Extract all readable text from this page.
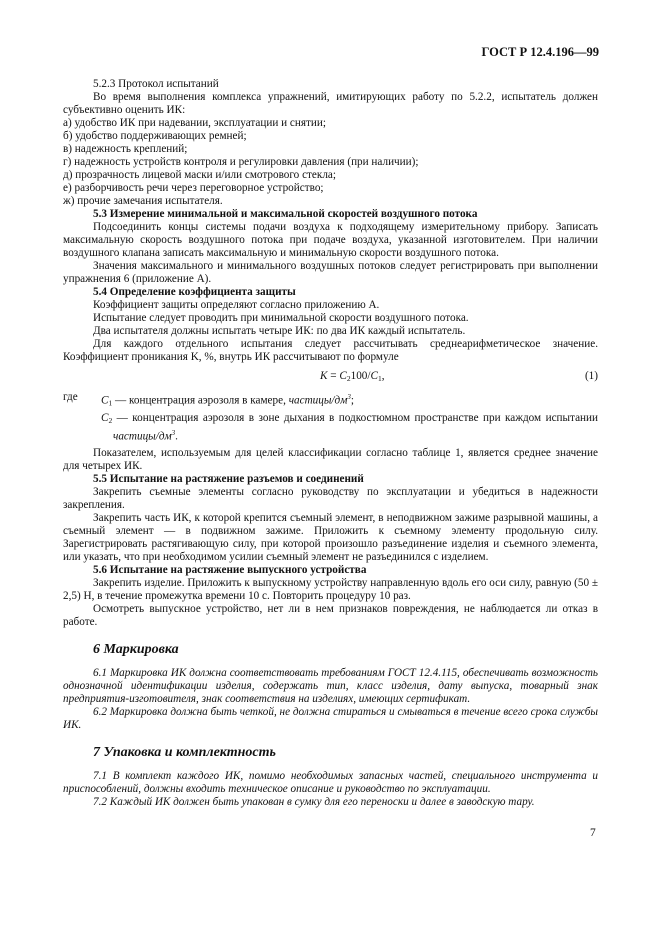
ГОСТ Р 12.4.196—99

5.2.3 Протокол испытаний

Во время выполнения комплекса упражнений, имитирующих работу по 5.2.2, испытатель должен субъективно оценить ИК:

а) удобство ИК при надевании, эксплуатации и снятии;

б) удобство поддерживающих ремней;

в) надежность креплений;

г) надежность устройств контроля и регулировки давления (при наличии);

д) прозрачность лицевой маски и/или смотрового стекла;

е) разборчивость речи через переговорное устройство;

ж) прочие замечания испытателя.

5.3 Измерение минимальной и максимальной скоростей воздушного потока

Подсоединить концы системы подачи воздуха к подходящему измерительному прибору. Записать максимальную скорость воздушного потока при подаче воздуха, указанной изготовителем. При наличии воздушного клапана записать максимальную и минимальную скорости воздушного потока.

Значения максимального и минимального воздушных потоков следует регистрировать при выполнении упражнения 6 (приложение А).

5.4 Определение коэффициента защиты

Коэффициент защиты определяют согласно приложению А.

Испытание следует проводить при минимальной скорости воздушного потока.

Два испытателя должны испытать четыре ИК: по два ИК каждый испытатель.

Для каждого отдельного испытания следует рассчитывать среднеарифметическое значение. Коэффициент проникания K, %, внутрь ИК рассчитывают по формуле

$K = C_2100/C_1$,	(1)
где $C_1$ — концентрация аэрозоля в камере, частицы/$дм^3$;

$C_2$ — концентрация аэрозоля в зоне дыхания в подкостюмном пространстве при каждом испытании частицы/$дм^3$.

Показателем, используемым для целей классификации согласно таблице 1, является среднее значение для четырех ИК.

5.5 Испытание на растяжение разъемов и соединений

Закрепить съемные элементы согласно руководству по эксплуатации и убедиться в надежности закрепления.

Закрепить часть ИК, к которой крепится съемный элемент, в неподвижном зажиме разрывной машины, а съемный элемент — в подвижном зажиме. Приложить к съемному элементу продольную силу. Зарегистрировать растягивающую силу, при которой произошло разъединение изделия и съемного элемента, или указать, что при необходимом усилии съемный элемент не разъединился с изделием.

5.6 Испытание на растяжение выпускного устройства

Закрепить изделие. Приложить к выпускному устройству направленную вдоль его оси силу, равную (50 ± 2,5) Н, в течение промежутка времени 10 с. Повторить процедуру 10 раз.

Осмотреть выпускное устройство, нет ли в нем признаков повреждения, не наблюдается ли отказ в работе.

6 Маркировка

6.1 Маркировка ИК должна соответствовать требованиям ГОСТ 12.4.115, обеспечивать возможность однозначной идентификации изделия, содержать тип, класс изделия, дату выпуска, товарный знак предприятия-изготовителя, знак соответствия на изделиях, имеющих сертификат.

6.2 Маркировка должна быть четкой, не должна стираться и смываться в течение всего срока службы ИК.

7 Упаковка и комплектность

7.1 В комплект каждого ИК, помимо необходимых запасных частей, специального инструмента и приспособлений, должны входить техническое описание и руководство по эксплуатации.

7.2 Каждый ИК должен быть упакован в сумку для его переноски и далее в заводскую тару.

7
